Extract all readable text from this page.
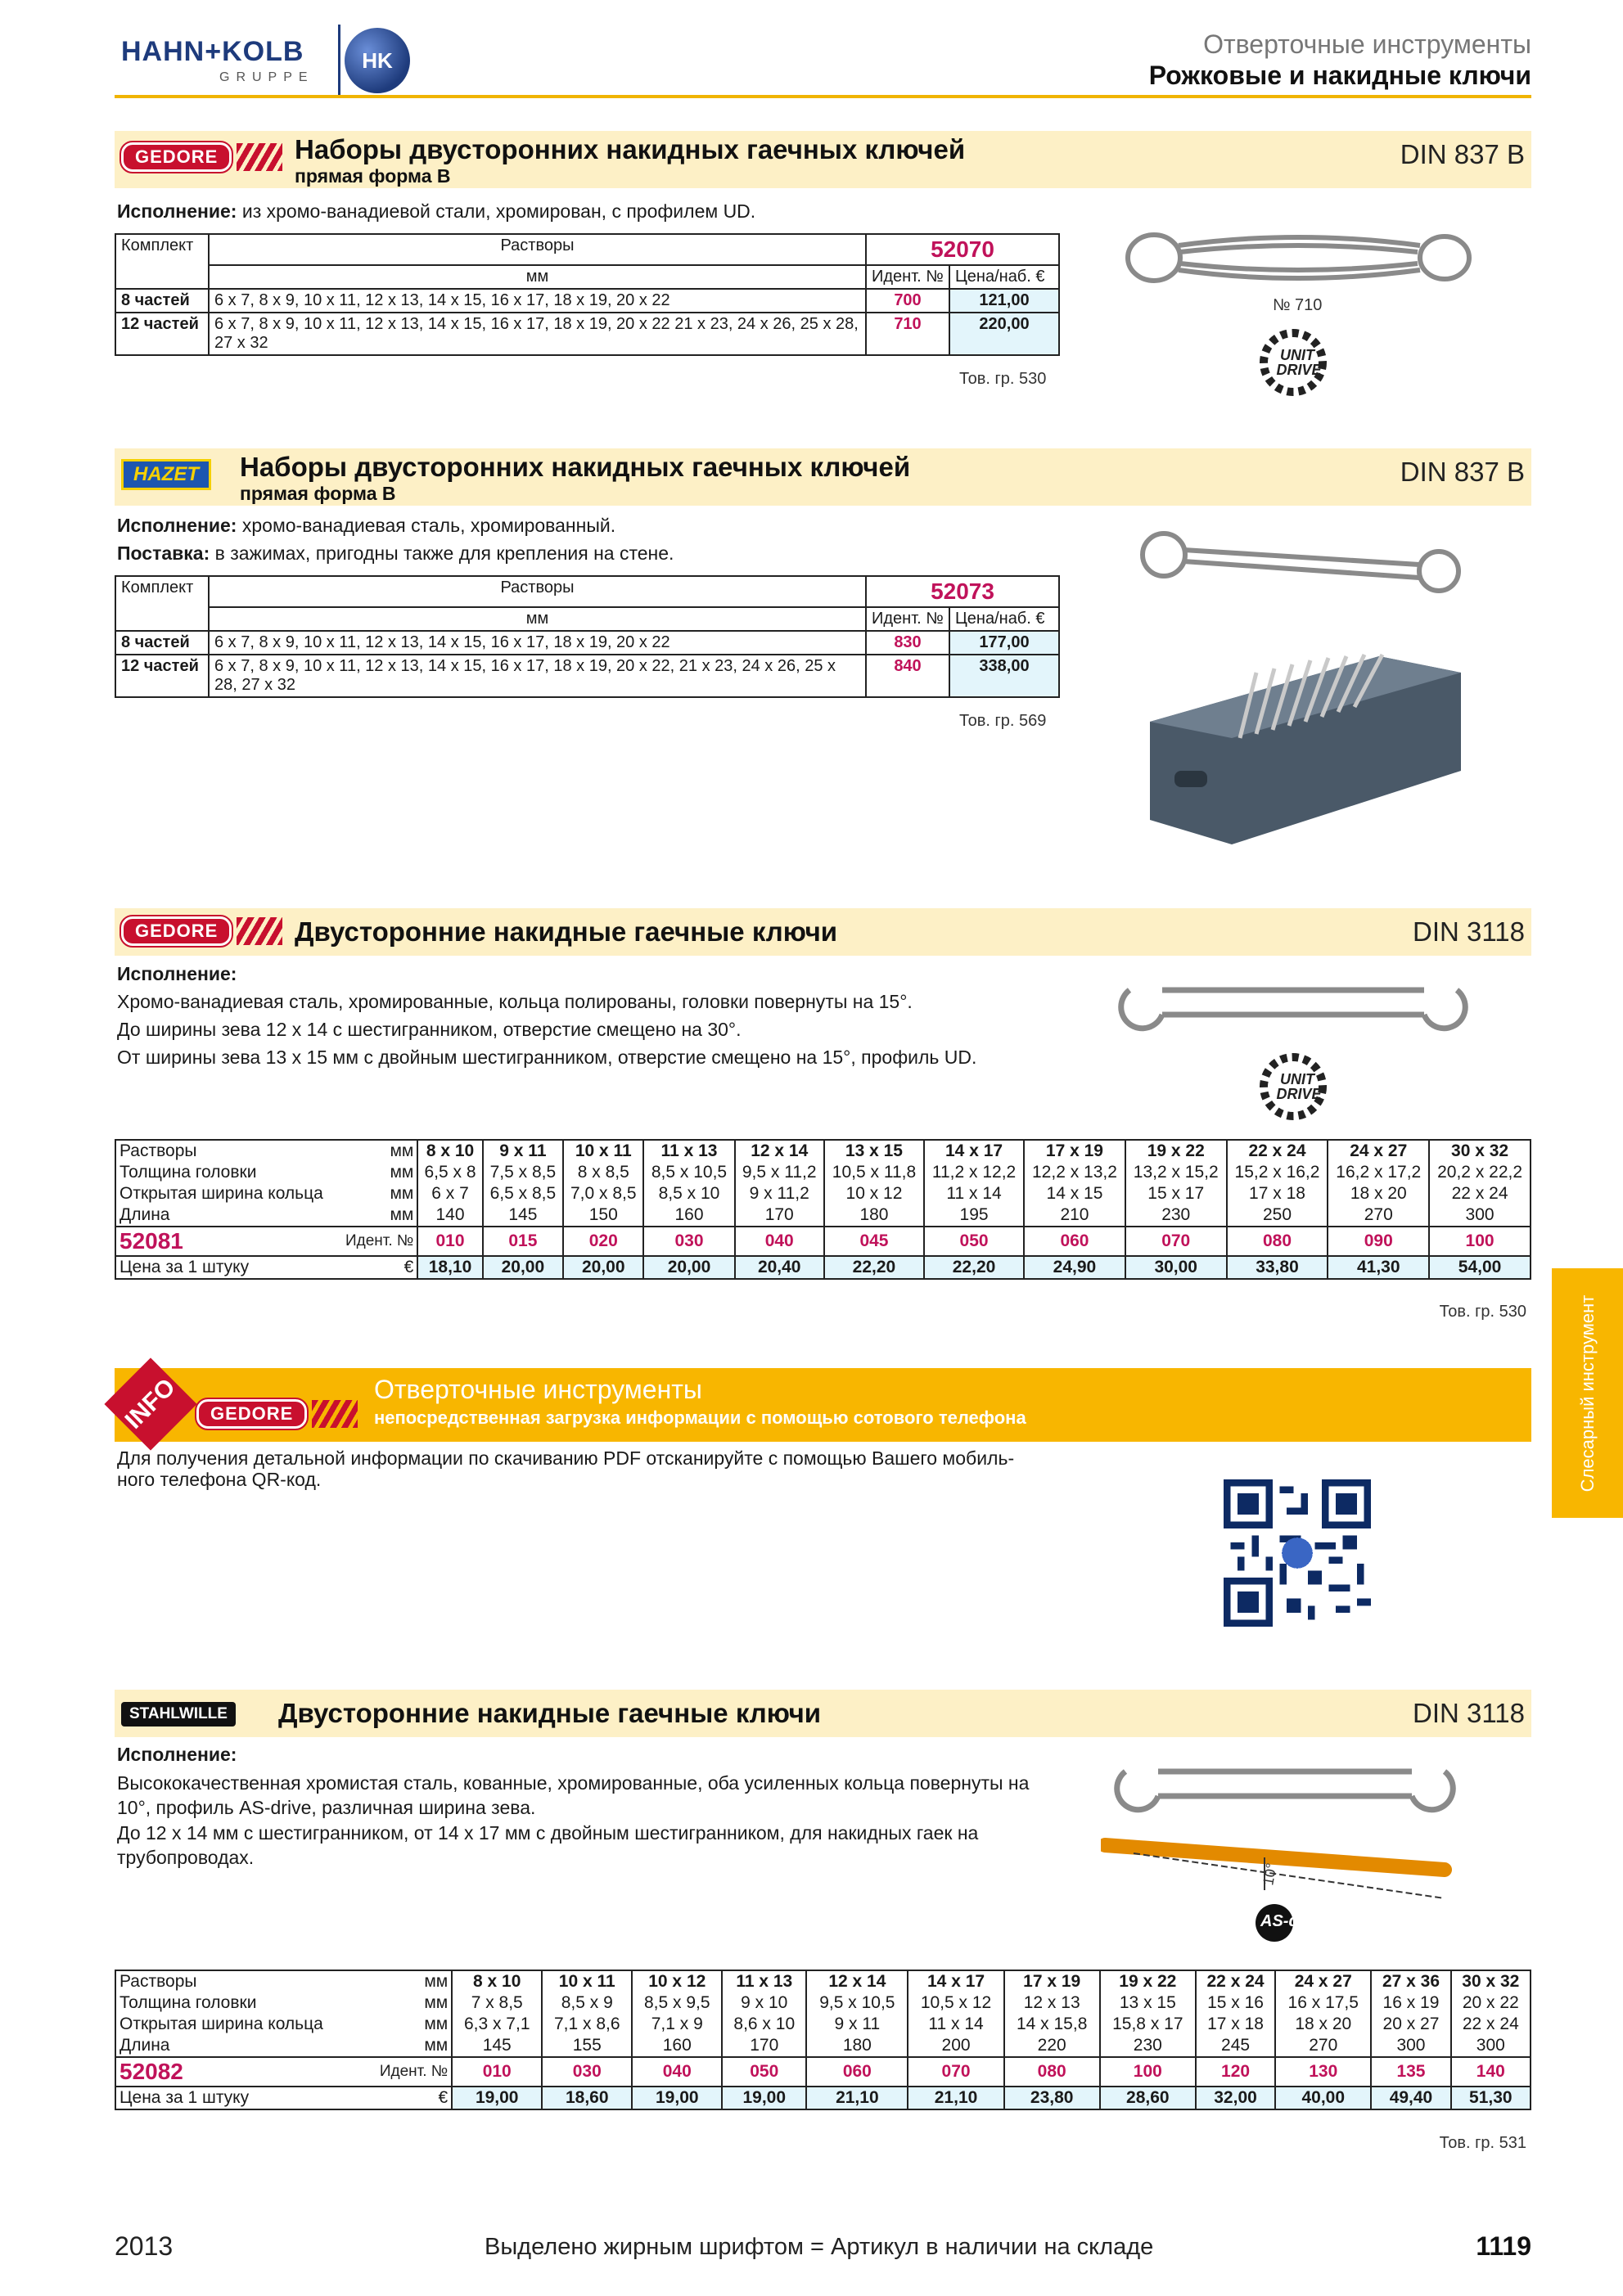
HAHN+KOLB
GRUPPE
HK
Отверточные инструменты
Рожковые и накидные ключи
GEDORE	Наборы двусторонних накидных гаечных ключей
прямая форма B
DIN 837 B
Исполнение: из хромо-ванадиевой стали, хромирован, с профилем UD.
Комплект	Растворы	52070	
	мм	Идент. №	Цена/наб. €
8 частей	6 x 7, 8 x 9, 10 x 11, 12 x 13, 14 x 15, 16 x 17, 18 x 19, 20 x 22	700	121,00
12 частей	6 x 7, 8 x 9, 10 x 11, 12 x 13, 14 x 15, 16 x 17, 18 x 19, 20 x 22 21 x 23, 24 x 26, 25 x 28, 27 x 32	710	220,00
Тов. гр. 530
№ 710
UNIT
DRIVE
HAZET	Наборы двусторонних накидных гаечных ключей
прямая форма B
DIN 837 B
Исполнение: хромо-ванадиевая сталь, хромированный.
Поставка: в зажимах, пригодны также для крепления на стене.
Комплект	Растворы	52073	
	мм	Идент. №	Цена/наб. €
8 частей	6 x 7, 8 x 9, 10 x 11, 12 x 13, 14 x 15, 16 x 17, 18 x 19, 20 x 22	830	177,00
12 частей	6 x 7, 8 x 9, 10 x 11, 12 x 13, 14 x 15, 16 x 17, 18 x 19, 20 x 22, 21 x 23, 24 x 26, 25 x 28, 27 x 32	840	338,00
Тов. гр. 569
GEDORE	Двусторонние накидные гаечные ключи	DIN 3118
Исполнение:
Хромо-ванадиевая сталь, хромированные, кольца полированы, головки повернуты на 15°.
До ширины зева 12 x 14 с шестигранником, отверстие смещено на 30°.
От ширины зева 13 x 15 мм с двойным шестигранником, отверстие смещено на 15°, профиль UD.
UNIT
DRIVE
Растворы	мм	8 x 10	9 x 11	10 x 11	11 x 13	12 x 14	13 x 15	14 x 17	17 x 19	19 x 22	22 x 24	24 x 27	30 x 32
Толщина головки	мм	6,5 x 8	7,5 x 8,5	8 x 8,5	8,5 x 10,5	9,5 x 11,2	10,5 x 11,8	11,2 x 12,2	12,2 x 13,2	13,2 x 15,2	15,2 x 16,2	16,2 x 17,2	20,2 x 22,2
Открытая ширина кольца	мм	6 x 7	6,5 x 8,5	7,0 x 8,5	8,5 x 10	9 x 11,2	10 x 12	11 x 14	14 x 15	15 x 17	17 x 18	18 x 20	22 x 24
Длина	мм	140	145	150	160	170	180	195	210	230	250	270	300
52081	Идент. №	010	015	020	030	040	045	050	060	070	080	090	100
Цена за 1 штуку	€	18,10	20,00	20,00	20,00	20,40	22,20	22,20	24,90	30,00	33,80	41,30	54,00
Тов. гр. 530
INFO	GEDORE
Отверточные инструменты
непосредственная загрузка информации с помощью сотового телефона
Для получения детальной информации по скачиванию PDF отсканируйте с помощью Вашего мобиль-
ного телефона QR-код.
STAHLWILLE	Двусторонние накидные гаечные ключи	DIN 3118
Исполнение:
Высококачественная хромистая сталь, кованные, хромированные, оба усиленных кольца повернуты на
10°, профиль AS-drive, различная ширина зева.
До 12 x 14 мм с шестигранником, от 14 x 17 мм с двойным шестигранником, для накидных гаек на
трубопроводах.
10°
AS-drive
Растворы	мм	8 x 10	10 x 11	10 x 12	11 x 13	12 x 14	14 x 17	17 x 19	19 x 22	22 x 24	24 x 27	27 x 36	30 x 32
Толщина головки	мм	7 x 8,5	8,5 x 9	8,5 x 9,5	9 x 10	9,5 x 10,5	10,5 x 12	12 x 13	13 x 15	15 x 16	16 x 17,5	16 x 19	20 x 22
Открытая ширина кольца	мм	6,3 x 7,1	7,1 x 8,6	7,1 x 9	8,6 x 10	9 x 11	11 x 14	14 x 15,8	15,8 x 17	17 x 18	18 x 20	20 x 27	22 x 24
Длина	мм	145	155	160	170	180	200	220	230	245	270	300	300
52082	Идент. №	010	030	040	050	060	070	080	100	120	130	135	140
Цена за 1 штуку	€	19,00	18,60	19,00	19,00	21,10	21,10	23,80	28,60	32,00	40,00	49,40	51,30
Тов. гр. 531
Слесарный инструмент
2013	Выделено жирным шрифтом = Артикул в наличии на складе	1119
